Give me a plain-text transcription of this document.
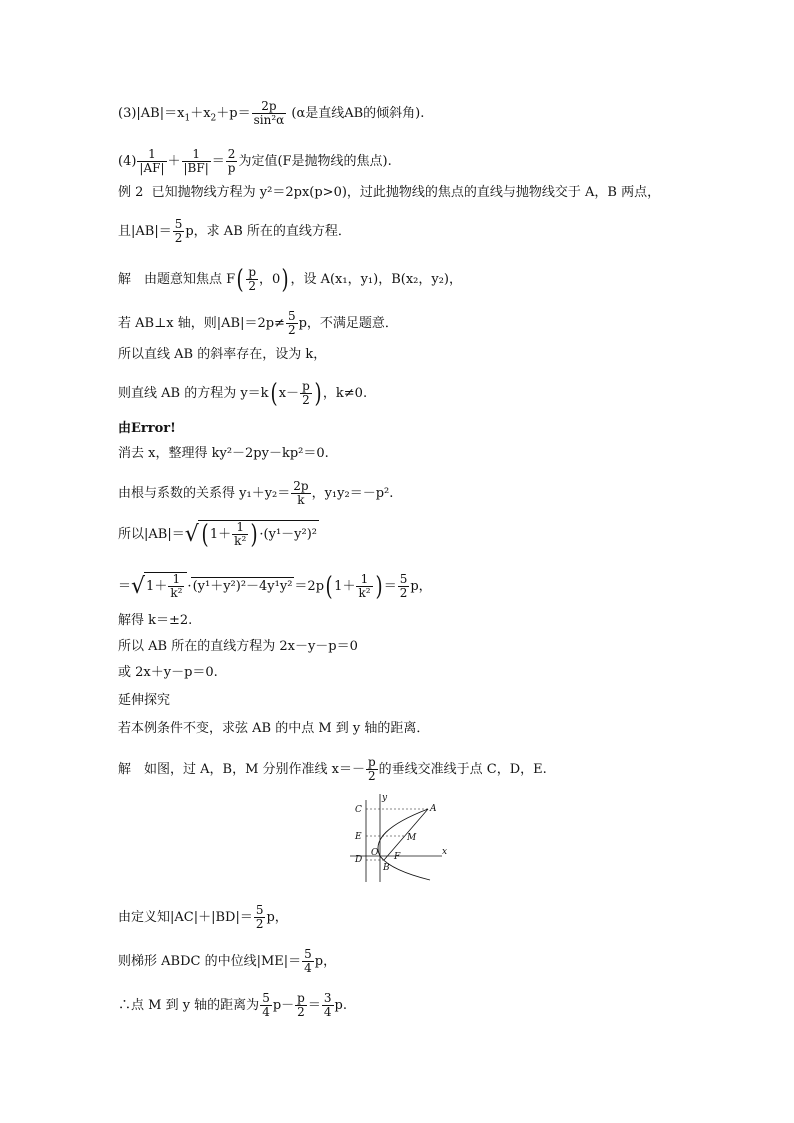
$(3)|AB|=x_1+x_2+p= \frac{2p}{\text{sin²α}} (\alpha$是直线AB的倾斜角).
$(4) \frac{1}{|AF|} + \frac{1}{|BF|} = \frac{2}{p}$ 为定值(F是抛物线的焦点).
例 2 已知抛物线方程为 y²＝2px(p>0)，过此抛物线的焦点的直线与抛物线交于 A，B 两点，
且$|AB|= \frac{5}{2}$ p，求 AB 所在的直线方程．
解　由题意知焦点 $F( \frac{p}{2}$ ，0) ，设 A(x₁，y₁)，B(x₂，y₂)，
若 AB⊥x 轴，则$|AB|=2p\ne \frac{5}{2}$ p，不满足题意．
所以直线 AB 的斜率存在，设为 k，
则直线 AB 的方程为 y＝k( $x- \frac{p}{2}$ ) ，k≠0.
由Error!
消去 x，整理得 ky²－2py－kp²＝0.
由根与系数的关系得 $y_1+y_2= \frac{2p}{k}$ ，y₁y₂＝－p².
所以|AB|＝√( $1+ \frac{1}{\text{k²}}$ ) ·(y¹－y²)²
$=√1+ \frac{1}{\text{k²}} \cdot(y^1+y^2)^2-4y^1y^2 =2p$( $1+ \frac{1}{\text{k²}}$ ) ＝ $\frac{5}{2}$ p，
解得 k＝±2.
所以 AB 所在的直线方程为 2x－y－p＝0
或 2x＋y－p＝0.
延伸探究
若本例条件不变，求弦 AB 的中点 M 到 y 轴的距离．
解　如图，过 A，B，M 分别作准线 $x=- \frac{p}{2}$ 的垂线交准线于点 C，D，E.
y
C	A
E	M
D
O F	x
B
由定义知$|AC|+|BD|= \frac{5}{2}$ p，
则梯形 ABDC 的中位线$|ME|= \frac{5}{4}$ p，
∴点 M 到 y 轴的距离为 $\frac{5}{4} p- \frac{p}{2} = \frac{3}{4} p$.
